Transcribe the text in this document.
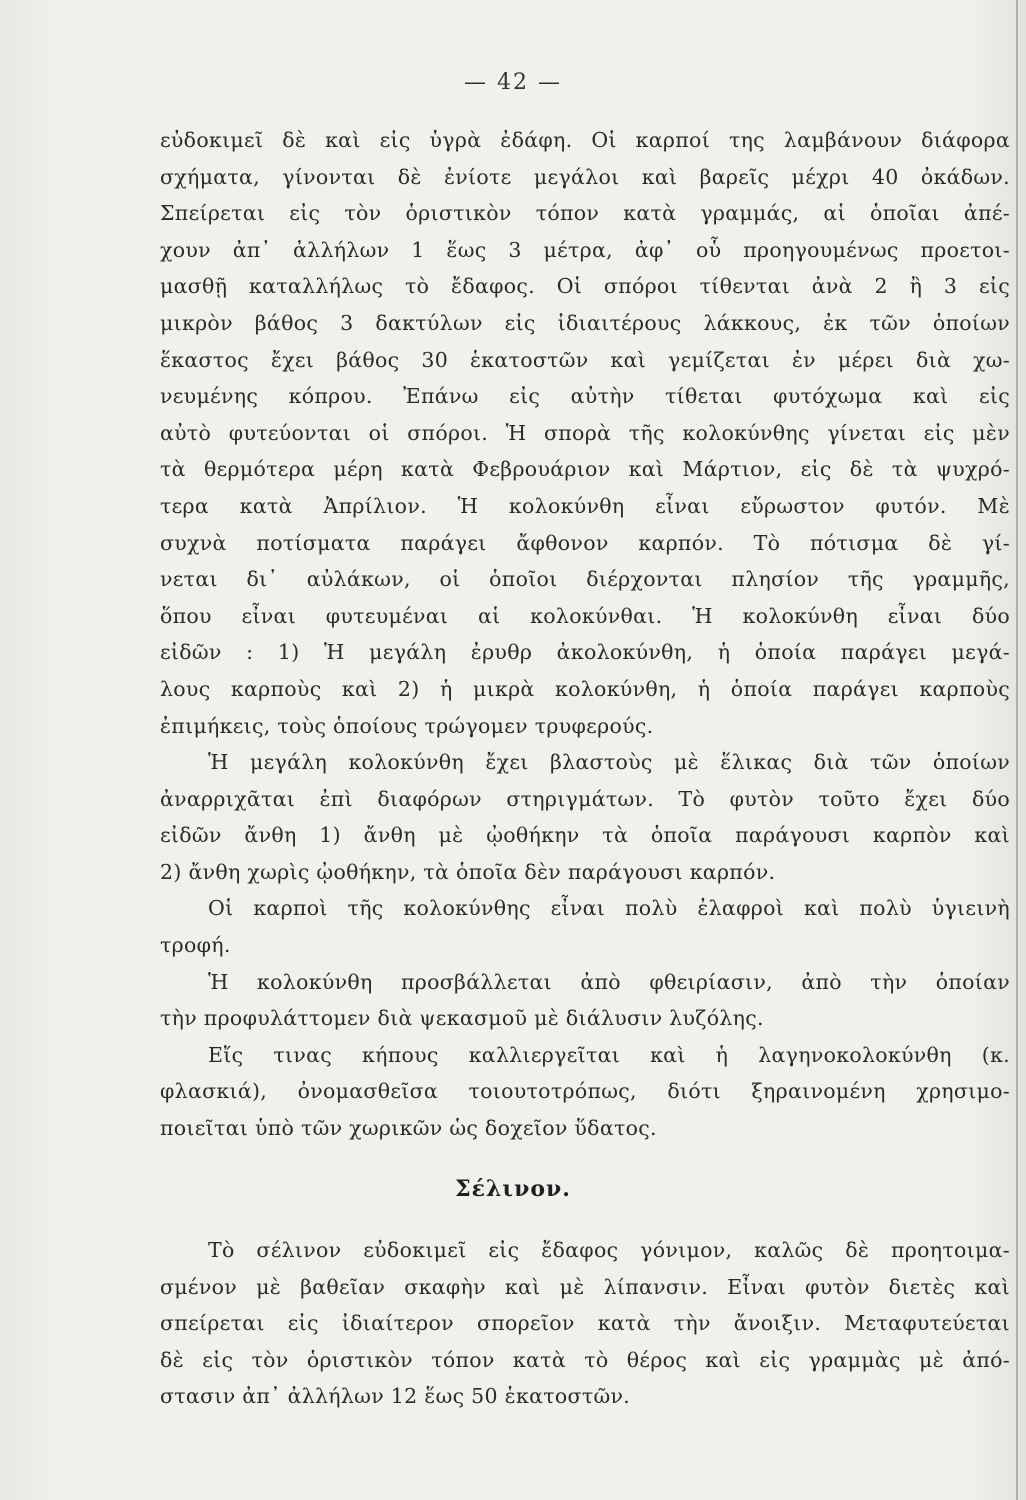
— 42 —
εὐδοκιμεῖ δὲ καὶ εἰς ὑγρὰ ἐδάφη. Οἱ καρποί της λαμβάνουν διάφορα
σχήματα, γίνονται δὲ ἐνίοτε μεγάλοι καὶ βαρεῖς μέχρι 40 ὀκάδων.
Σπείρεται εἰς τὸν ὁριστικὸν τόπον κατὰ γραμμάς, αἱ ὁποῖαι ἀπέ-
χουν ἀπ᾽ ἀλλήλων 1 ἕως 3 μέτρα, ἀφ᾽ οὗ προηγουμένως προετοι-
μασθῇ καταλλήλως τὸ ἔδαφος. Οἱ σπόροι τίθενται ἀνὰ 2 ἢ 3 εἰς
μικρὸν βάθος 3 δακτύλων εἰς ἰδιαιτέρους λάκκους, ἐκ τῶν ὁποίων
ἕκαστος ἔχει βάθος 30 ἑκατοστῶν καὶ γεμίζεται ἐν μέρει διὰ χω-
νευμένης κόπρου. Ἐπάνω εἰς αὐτὴν τίθεται φυτόχωμα καὶ εἰς
αὐτὸ φυτεύονται οἱ σπόροι. Ἡ σπορὰ τῆς κολοκύνθης γίνεται εἰς μὲν
τὰ θερμότερα μέρη κατὰ Φεβρουάριον καὶ Μάρτιον, εἰς δὲ τὰ ψυχρό-
τερα κατὰ Ἀπρίλιον. Ἡ κολοκύνθη εἶναι εὔρωστον φυτόν. Μὲ
συχνὰ ποτίσματα παράγει ἄφθονον καρπόν. Τὸ πότισμα δὲ γί-
νεται δι᾽ αὐλάκων, οἱ ὁποῖοι διέρχονται πλησίον τῆς γραμμῆς,
ὅπου εἶναι φυτευμέναι αἱ κολοκύνθαι. Ἡ κολοκύνθη εἶναι δύο
εἰδῶν : 1) Ἡ μεγάλη ἐρυθρ ἀκολοκύνθη, ἡ ὁποία παράγει μεγά-
λους καρποὺς καὶ 2) ἡ μικρὰ κολοκύνθη, ἡ ὁποία παράγει καρποὺς
ἐπιμήκεις, τοὺς ὁποίους τρώγομεν τρυφερούς.
Ἡ μεγάλη κολοκύνθη ἔχει βλαστοὺς μὲ ἕλικας διὰ τῶν ὁποίων
ἀναρριχᾶται ἐπὶ διαφόρων στηριγμάτων. Τὸ φυτὸν τοῦτο ἔχει δύο
εἰδῶν ἄνθη 1) ἄνθη μὲ ᾠοθήκην τὰ ὁποῖα παράγουσι καρπὸν καὶ
2) ἄνθη χωρὶς ᾠοθήκην, τὰ ὁποῖα δὲν παράγουσι καρπόν.
Οἱ καρποὶ τῆς κολοκύνθης εἶναι πολὺ ἐλαφροὶ καὶ πολὺ ὑγιεινὴ
τροφή.
Ἡ κολοκύνθη προσβάλλεται ἀπὸ φθειρίασιν, ἀπὸ τὴν ὁποίαν
τὴν προφυλάττομεν διὰ ψεκασμοῦ μὲ διάλυσιν λυζόλης.
Εἴς τινας κήπους καλλιεργεῖται καὶ ἡ λαγηνοκολοκύνθη (κ.
φλασκιά), ὀνομασθεῖσα τοιουτοτρόπως, διότι ξηραινομένη χρησιμο-
ποιεῖται ὑπὸ τῶν χωρικῶν ὡς δοχεῖον ὕδατος.
Σέλινον.
Τὸ σέλινον εὐδοκιμεῖ εἰς ἔδαφος γόνιμον, καλῶς δὲ προητοιμα-
σμένον μὲ βαθεῖαν σκαφὴν καὶ μὲ λίπανσιν. Εἶναι φυτὸν διετὲς καὶ
σπείρεται εἰς ἰδιαίτερον σπορεῖον κατὰ τὴν ἄνοιξιν. Μεταφυτεύεται
δὲ εἰς τὸν ὁριστικὸν τόπον κατὰ τὸ θέρος καὶ εἰς γραμμὰς μὲ ἀπό-
στασιν ἀπ᾽ ἀλλήλων 12 ἕως 50 ἑκατοστῶν.
